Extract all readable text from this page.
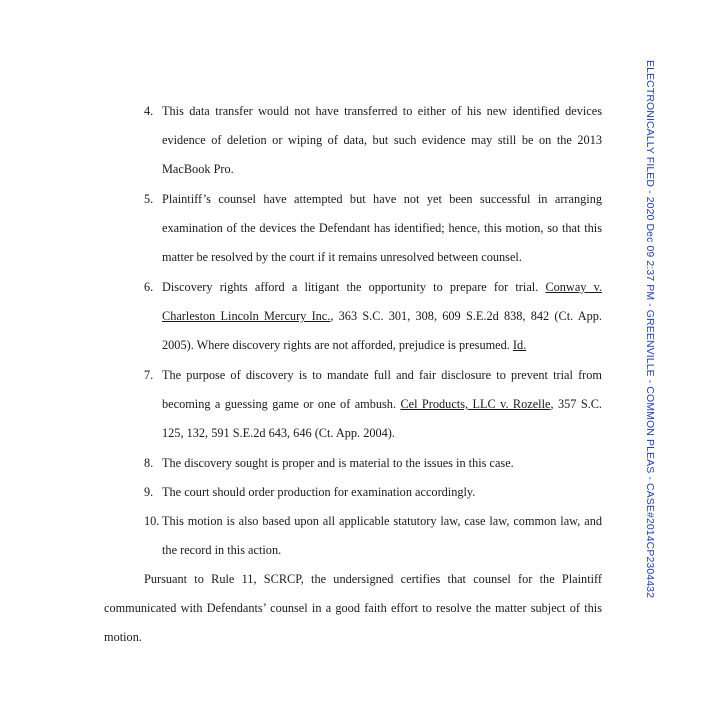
4. This data transfer would not have transferred to either of his new identified devices evidence of deletion or wiping of data, but such evidence may still be on the 2013 MacBook Pro.
5. Plaintiff’s counsel have attempted but have not yet been successful in arranging examination of the devices the Defendant has identified; hence, this motion, so that this matter be resolved by the court if it remains unresolved between counsel.
6. Discovery rights afford a litigant the opportunity to prepare for trial. Conway v. Charleston Lincoln Mercury Inc., 363 S.C. 301, 308, 609 S.E.2d 838, 842 (Ct. App. 2005). Where discovery rights are not afforded, prejudice is presumed. Id.
7. The purpose of discovery is to mandate full and fair disclosure to prevent trial from becoming a guessing game or one of ambush. Cel Products, LLC v. Rozelle, 357 S.C. 125, 132, 591 S.E.2d 643, 646 (Ct. App. 2004).
8. The discovery sought is proper and is material to the issues in this case.
9. The court should order production for examination accordingly.
10. This motion is also based upon all applicable statutory law, case law, common law, and the record in this action.
Pursuant to Rule 11, SCRCP, the undersigned certifies that counsel for the Plaintiff communicated with Defendants’ counsel in a good faith effort to resolve the matter subject of this motion.
ELECTRONICALLY FILED - 2020 Dec 09 2:37 PM - GREENVILLE - COMMON PLEAS - CASE#2014CP2304432
